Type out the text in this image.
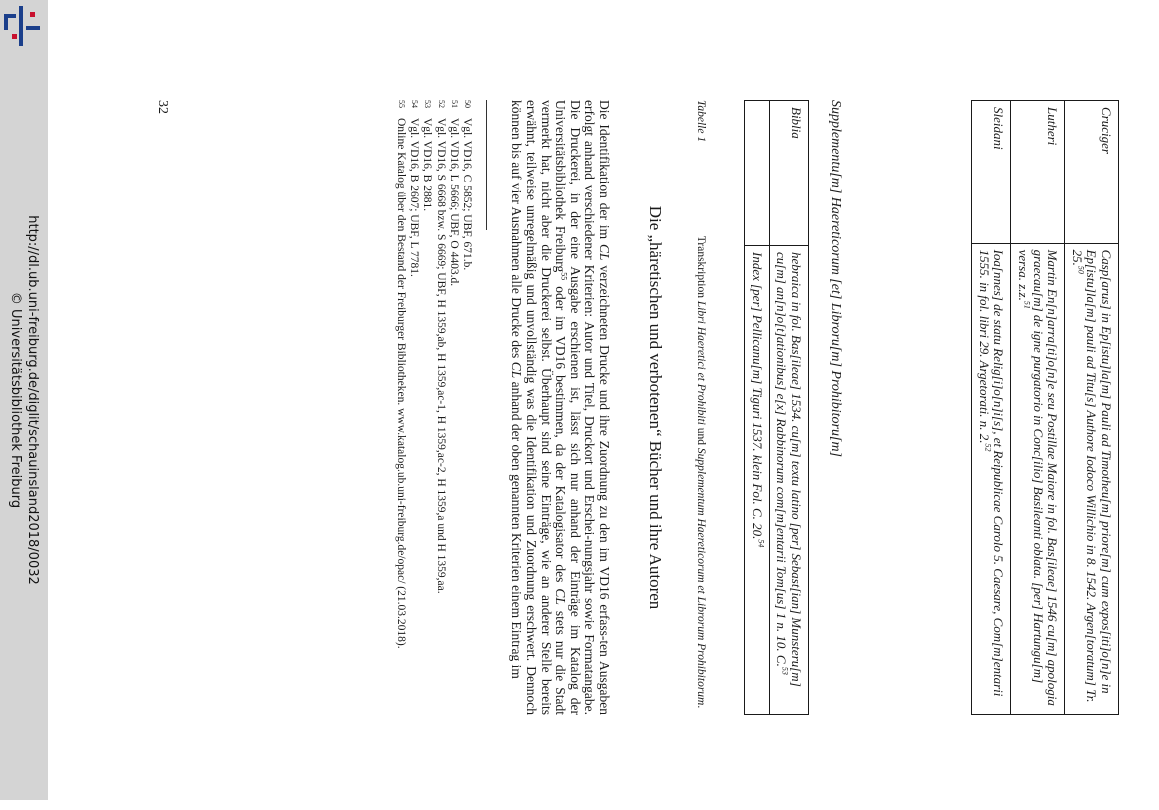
http://dl.ub.uni-freiburg.de/diglit/schauinsland2018/0032
© Universitätsbibliothek Freiburg
Cruciger	Casp[arus] in Ep[istu]la[m] Pauli ad Timotheu[m] priore[m] cum expos[iti]o[n]e in Ep[istu]la[m] pauli ad Titu[s] Authore Iodoco Willichio in 8. 1542. Argen[toratum] Tr. 25.50
Lutheri	Martin En[n]arra[ti]o[n]e seu Postillae Maiore in fol. Bas[ileae] 1546 cu[m] apologia graecau[m] de igne purgatorio in Conc[ilio] Basileanti oblata. [per] Hartungu[m] versa. z.z.$^{51}$
Sleidani	Ioa[nnes] de statu Relig[i]o[n]i[s], et Reipublicae Carolo 5. Caesare, Com[m]entarii 1555. in fol. libri 29. Argetorati. n. 2.52
Supplementu[m] Haereticorum [et] Libroru[m] Prohibitoru[m]
Biblia	hebraica in fol. Bas[ileae] 1534. cu[m] textu latino [per] Sebast[ian] Munsteru[m] cu[m] an[n]o[t]ationibus] e[x] Rabbinorum com[m]entarii Tom[us] 1 n. 10. C.$^{53}$
	Index [per] Pellicanu[m] Tiguri 1537. klein Fol. C. 20.54
Tabelle 1Transkription Libri Haeretici et Prohibiti und Supplementum Haereticorum et Librorum Prohibitorum.
Die „häretischen und verbotenen“ Bücher und ihre Autoren
Die Identifikation der im CL verzeichneten Drucke und ihre Zuordnung zu den im VD16 erfass-ten Ausgaben erfolgt anhand verschiedener Kriterien: Autor und Titel, Druckort und Erschei-nungsjahr sowie Formatangabe. Die Druckerei, in der eine Ausgabe erschienen ist, lässt sich nur anhand der Einträge im Katalog der Universitätsbibliothek Freiburg$^{55}$ oder im VD16 bestimmen, da der Katalogisator des CL stets nur die Stadt vermerkt hat, nicht aber die Druckerei selbst. Überhaupt sind seine Einträge, wie an anderer Stelle bereits erwähnt, teilweise unregelmäßig und unvollständig was die Identifikation und Zuordnung erschwert. Dennoch können bis auf vier Ausnahmen alle Drucke des CL anhand der oben genannten Kriterien einem Eintrag im
50
Vgl. VD16, C 5852; UBF, 671.b.
51
Vgl. VD16, L 5666; UBF, O 4403.d.
52
Vgl. VD16, S 6668 bzw. S 6669; UBF, H 1359,ab, H 1359,ac-1, H 1359,ac-2, H 1359,a und H 1359,aa.
53
Vgl. VD16, B 2881.
54
Vgl. VD16, B 2607; UBF, L 7781.
55
Online Katalog über den Bestand der Freiburger Bibliotheken. www.katalog.ub.uni-freiburg.de/opac/ (21.03.2018).
32
